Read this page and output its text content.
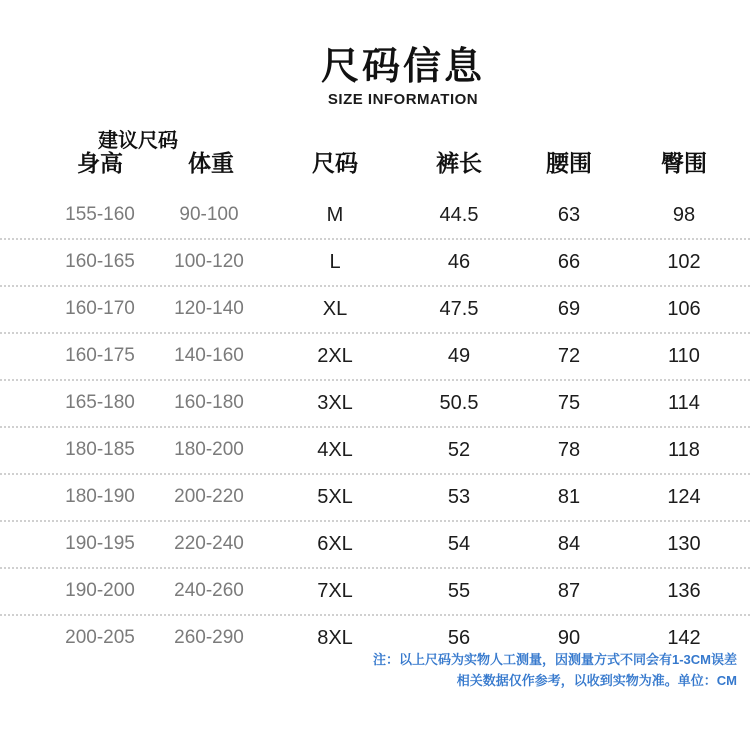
尺码信息
SIZE INFORMATION
建议尺码
身高	体重	尺码	裤长	腰围	臀围
155-160	90-100	M	44.5	63	98
160-165	100-120	L	46	66	102
160-170	120-140	XL	47.5	69	106
160-175	140-160	2XL	49	72	110
165-180	160-180	3XL	50.5	75	114
180-185	180-200	4XL	52	78	118
180-190	200-220	5XL	53	81	124
190-195	220-240	6XL	54	84	130
190-200	240-260	7XL	55	87	136
200-205	260-290	8XL	56	90	142
注：以上尺码为实物人工测量，因测量方式不同会有1-3CM误差
相关数据仅作参考，以收到实物为准。单位：CM
